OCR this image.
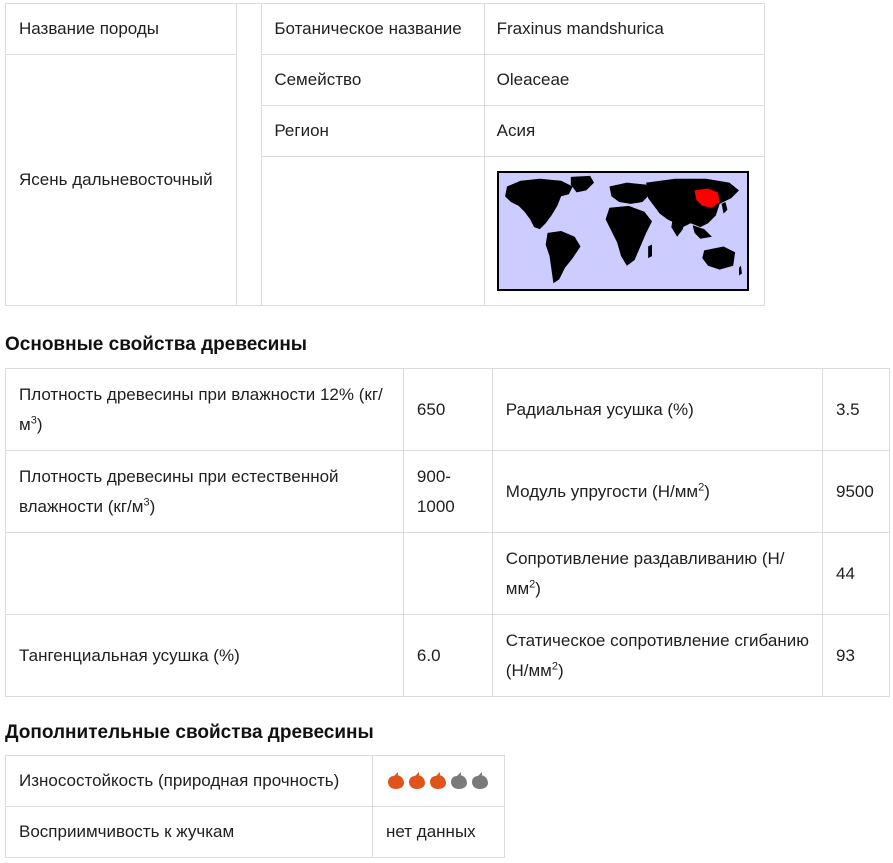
Название породы		Ботаническое название	Fraxinus mandshurica
Ясень дальневосточный		Семейство	Oleaceae
		Регион	Асия

Основные свойства древесины
Плотность древесины при влажности 12% $(кг/м^3)$	650	Радиальная усушка (%)	3.5
Плотность древесины при естественной влажности $(кг/м^3)$	900-1000	Модуль упругости $(Н/мм^2)$	9500
		Сопротивление раздавливанию $(Н/мм^2)$	44
Тангенциальная усушка (%)	6.0	Статическое сопротивление сгибанию $(Н/мм^2)$	93
Дополнительные свойства древесины
Износостойкость (природная прочность)	

Восприимчивость к жучкам	нет данных
